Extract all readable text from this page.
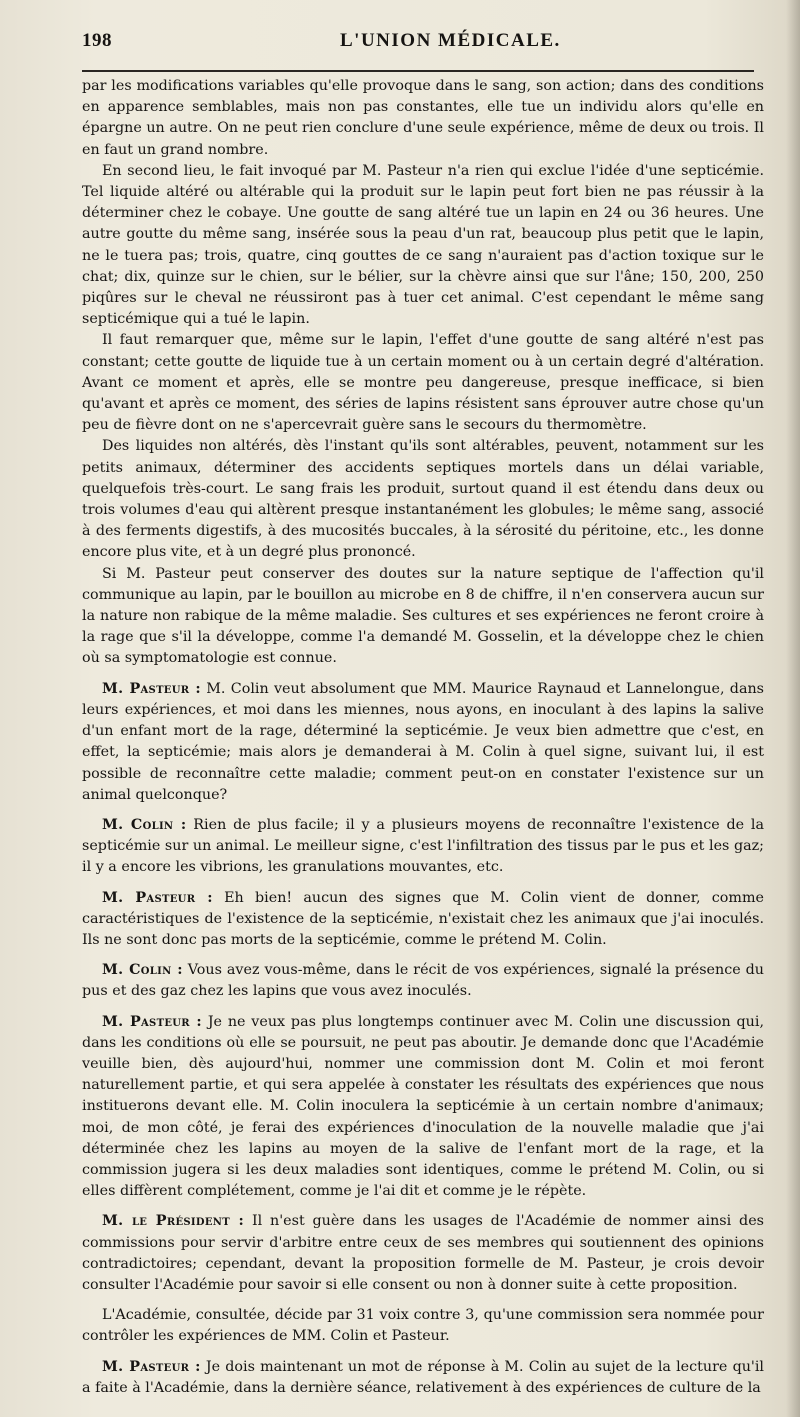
198	L'UNION MÉDICALE.

par les modifications variables qu'elle provoque dans le sang, son action; dans des conditions en apparence semblables, mais non pas constantes, elle tue un individu alors qu'elle en épargne un autre. On ne peut rien conclure d'une seule expérience, même de deux ou trois. Il en faut un grand nombre.

En second lieu, le fait invoqué par M. Pasteur n'a rien qui exclue l'idée d'une septicémie. Tel liquide altéré ou altérable qui la produit sur le lapin peut fort bien ne pas réussir à la déterminer chez le cobaye. Une goutte de sang altéré tue un lapin en 24 ou 36 heures. Une autre goutte du même sang, insérée sous la peau d'un rat, beaucoup plus petit que le lapin, ne le tuera pas; trois, quatre, cinq gouttes de ce sang n'auraient pas d'action toxique sur le chat; dix, quinze sur le chien, sur le bélier, sur la chèvre ainsi que sur l'âne; 150, 200, 250 piqûres sur le cheval ne réussiront pas à tuer cet animal. C'est cependant le même sang septicémique qui a tué le lapin.

Il faut remarquer que, même sur le lapin, l'effet d'une goutte de sang altéré n'est pas constant; cette goutte de liquide tue à un certain moment ou à un certain degré d'altération. Avant ce moment et après, elle se montre peu dangereuse, presque inefficace, si bien qu'avant et après ce moment, des séries de lapins résistent sans éprouver autre chose qu'un peu de fièvre dont on ne s'apercevrait guère sans le secours du thermomètre.

Des liquides non altérés, dès l'instant qu'ils sont altérables, peuvent, notamment sur les petits animaux, déterminer des accidents septiques mortels dans un délai variable, quelquefois très-court. Le sang frais les produit, surtout quand il est étendu dans deux ou trois volumes d'eau qui altèrent presque instantanément les globules; le même sang, associé à des ferments digestifs, à des mucosités buccales, à la sérosité du péritoine, etc., les donne encore plus vite, et à un degré plus prononcé.

Si M. Pasteur peut conserver des doutes sur la nature septique de l'affection qu'il communique au lapin, par le bouillon au microbe en 8 de chiffre, il n'en conservera aucun sur la nature non rabique de la même maladie. Ses cultures et ses expériences ne feront croire à la rage que s'il la développe, comme l'a demandé M. Gosselin, et la développe chez le chien où sa symptomatologie est connue.

M. Pasteur : M. Colin veut absolument que MM. Maurice Raynaud et Lannelongue, dans leurs expériences, et moi dans les miennes, nous ayons, en inoculant à des lapins la salive d'un enfant mort de la rage, déterminé la septicémie. Je veux bien admettre que c'est, en effet, la septicémie; mais alors je demanderai à M. Colin à quel signe, suivant lui, il est possible de reconnaître cette maladie; comment peut-on en constater l'existence sur un animal quelconque?

M. Colin : Rien de plus facile; il y a plusieurs moyens de reconnaître l'existence de la septicémie sur un animal. Le meilleur signe, c'est l'infiltration des tissus par le pus et les gaz; il y a encore les vibrions, les granulations mouvantes, etc.

M. Pasteur : Eh bien! aucun des signes que M. Colin vient de donner, comme caractéristiques de l'existence de la septicémie, n'existait chez les animaux que j'ai inoculés. Ils ne sont donc pas morts de la septicémie, comme le prétend M. Colin.

M. Colin : Vous avez vous-même, dans le récit de vos expériences, signalé la présence du pus et des gaz chez les lapins que vous avez inoculés.

M. Pasteur : Je ne veux pas plus longtemps continuer avec M. Colin une discussion qui, dans les conditions où elle se poursuit, ne peut pas aboutir. Je demande donc que l'Académie veuille bien, dès aujourd'hui, nommer une commission dont M. Colin et moi feront naturellement partie, et qui sera appelée à constater les résultats des expériences que nous instituerons devant elle. M. Colin inoculera la septicémie à un certain nombre d'animaux; moi, de mon côté, je ferai des expériences d'inoculation de la nouvelle maladie que j'ai déterminée chez les lapins au moyen de la salive de l'enfant mort de la rage, et la commission jugera si les deux maladies sont identiques, comme le prétend M. Colin, ou si elles diffèrent complétement, comme je l'ai dit et comme je le répète.

M. le Président : Il n'est guère dans les usages de l'Académie de nommer ainsi des commissions pour servir d'arbitre entre ceux de ses membres qui soutiennent des opinions contradictoires; cependant, devant la proposition formelle de M. Pasteur, je crois devoir consulter l'Académie pour savoir si elle consent ou non à donner suite à cette proposition.

L'Académie, consultée, décide par 31 voix contre 3, qu'une commission sera nommée pour contrôler les expériences de MM. Colin et Pasteur.

M. Pasteur : Je dois maintenant un mot de réponse à M. Colin au sujet de la lecture qu'il a faite à l'Académie, dans la dernière séance, relativement à des expériences de culture de la
